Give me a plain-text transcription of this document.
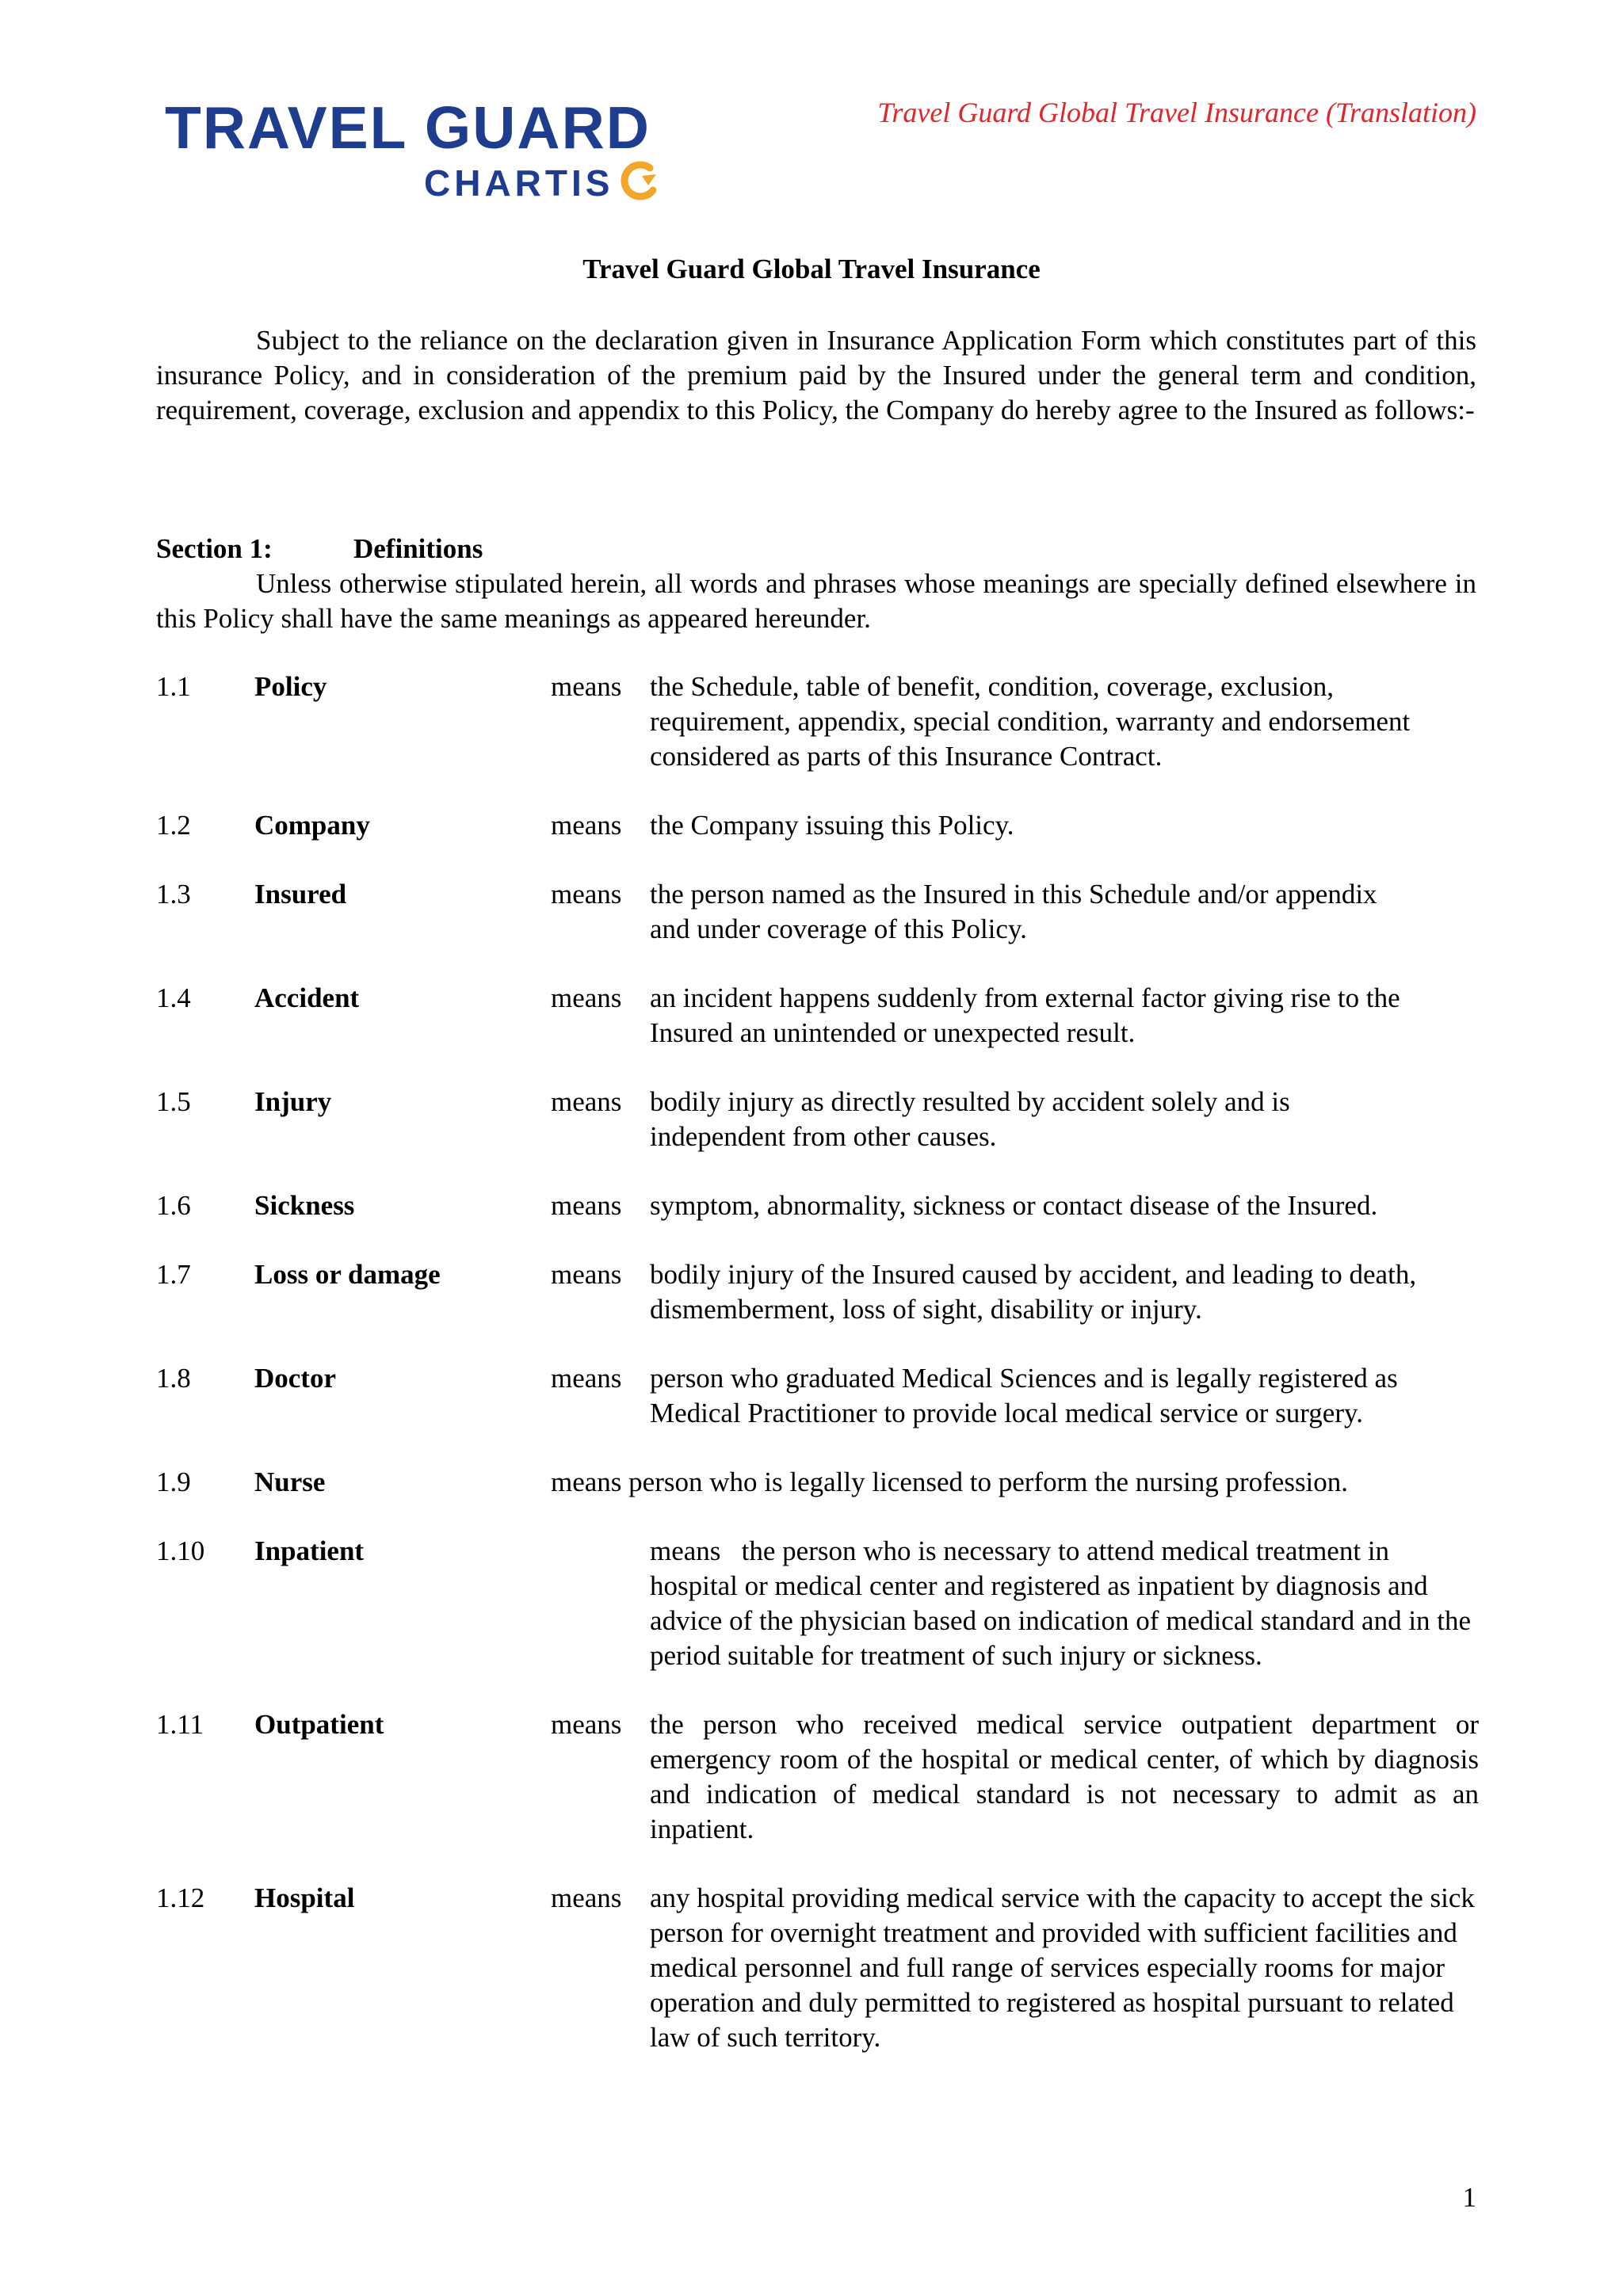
TRAVEL GUARD
CHARTIS
Travel Guard Global Travel Insurance (Translation)
Travel Guard Global Travel Insurance
Subject to the reliance on the declaration given in Insurance Application Form which constitutes part of this insurance Policy, and in consideration of the premium paid by the Insured under the general term and condition, requirement, coverage, exclusion and appendix to this Policy, the Company do hereby agree to the Insured as follows:-
Section 1:	Definitions
Unless otherwise stipulated herein, all words and phrases whose meanings are specially defined elsewhere in this Policy shall have the same meanings as appeared hereunder.
1.1 Policy	means the Schedule, table of benefit, condition, coverage, exclusion, requirement, appendix, special condition, warranty and endorsement considered as parts of this Insurance Contract.
1.2 Company	means the Company issuing this Policy.
1.3 Insured	means the person named as the Insured in this Schedule and/or appendix and under coverage of this Policy.
1.4 Accident	means an incident happens suddenly from external factor giving rise to the Insured an unintended or unexpected result.
1.5 Injury	means bodily injury as directly resulted by accident solely and is independent from other causes.
1.6 Sickness	means symptom, abnormality, sickness or contact disease of the Insured.
1.7 Loss or damage	means bodily injury of the Insured caused by accident, and leading to death, dismemberment, loss of sight, disability or injury.
1.8 Doctor	means person who graduated Medical Sciences and is legally registered as Medical Practitioner to provide local medical service or surgery.
1.9 Nurse	means person who is legally licensed to perform the nursing profession.
1.10 Inpatient	means the person who is necessary to attend medical treatment in hospital or medical center and registered as inpatient by diagnosis and advice of the physician based on indication of medical standard and in the period suitable for treatment of such injury or sickness.
1.11 Outpatient	means the person who received medical service outpatient department or emergency room of the hospital or medical center, of which by diagnosis and indication of medical standard is not necessary to admit as an inpatient.
1.12 Hospital	means any hospital providing medical service with the capacity to accept the sick person for overnight treatment and provided with sufficient facilities and medical personnel and full range of services especially rooms for major operation and duly permitted to registered as hospital pursuant to related law of such territory.
1
